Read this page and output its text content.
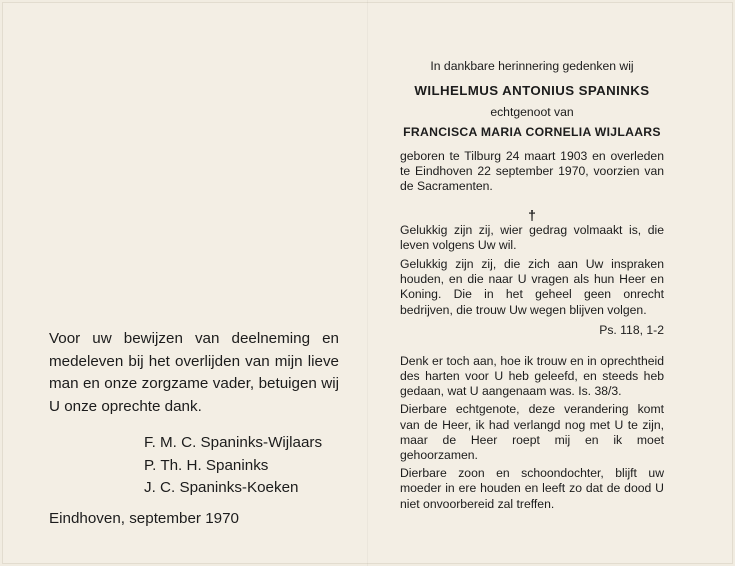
Voor uw bewijzen van deelneming en medeleven bij het overlijden van mijn lieve man en onze zorgzame vader, betuigen wij U onze oprechte dank.

F. M. C. Spaninks-Wijlaars
P. Th. H. Spaninks
J. C. Spaninks-Koeken
Eindhoven, september 1970
In dankbare herinnering gedenken wij
WILHELMUS ANTONIUS SPANINKS
echtgenoot van
FRANCISCA MARIA CORNELIA WIJLAARS

geboren te Tilburg 24 maart 1903 en overleden te Eindhoven 22 september 1970, voorzien van de Sacramenten.

†

Gelukkig zijn zij, wier gedrag volmaakt is, die leven volgens Uw wil.

Gelukkig zijn zij, die zich aan Uw inspraken houden, en die naar U vragen als hun Heer en Koning. Die in het geheel geen onrecht bedrijven, die trouw Uw wegen blijven volgen.

Ps. 118, 1-2

Denk er toch aan, hoe ik trouw en in oprechtheid des harten voor U heb geleefd, en steeds heb gedaan, wat U aangenaam was. Is. 38/3.

Dierbare echtgenote, deze verandering komt van de Heer, ik had verlangd nog met U te zijn, maar de Heer roept mij en ik moet gehoorzamen.

Dierbare zoon en schoondochter, blijft uw moeder in ere houden en leeft zo dat de dood U niet onvoorbereid zal treffen.
